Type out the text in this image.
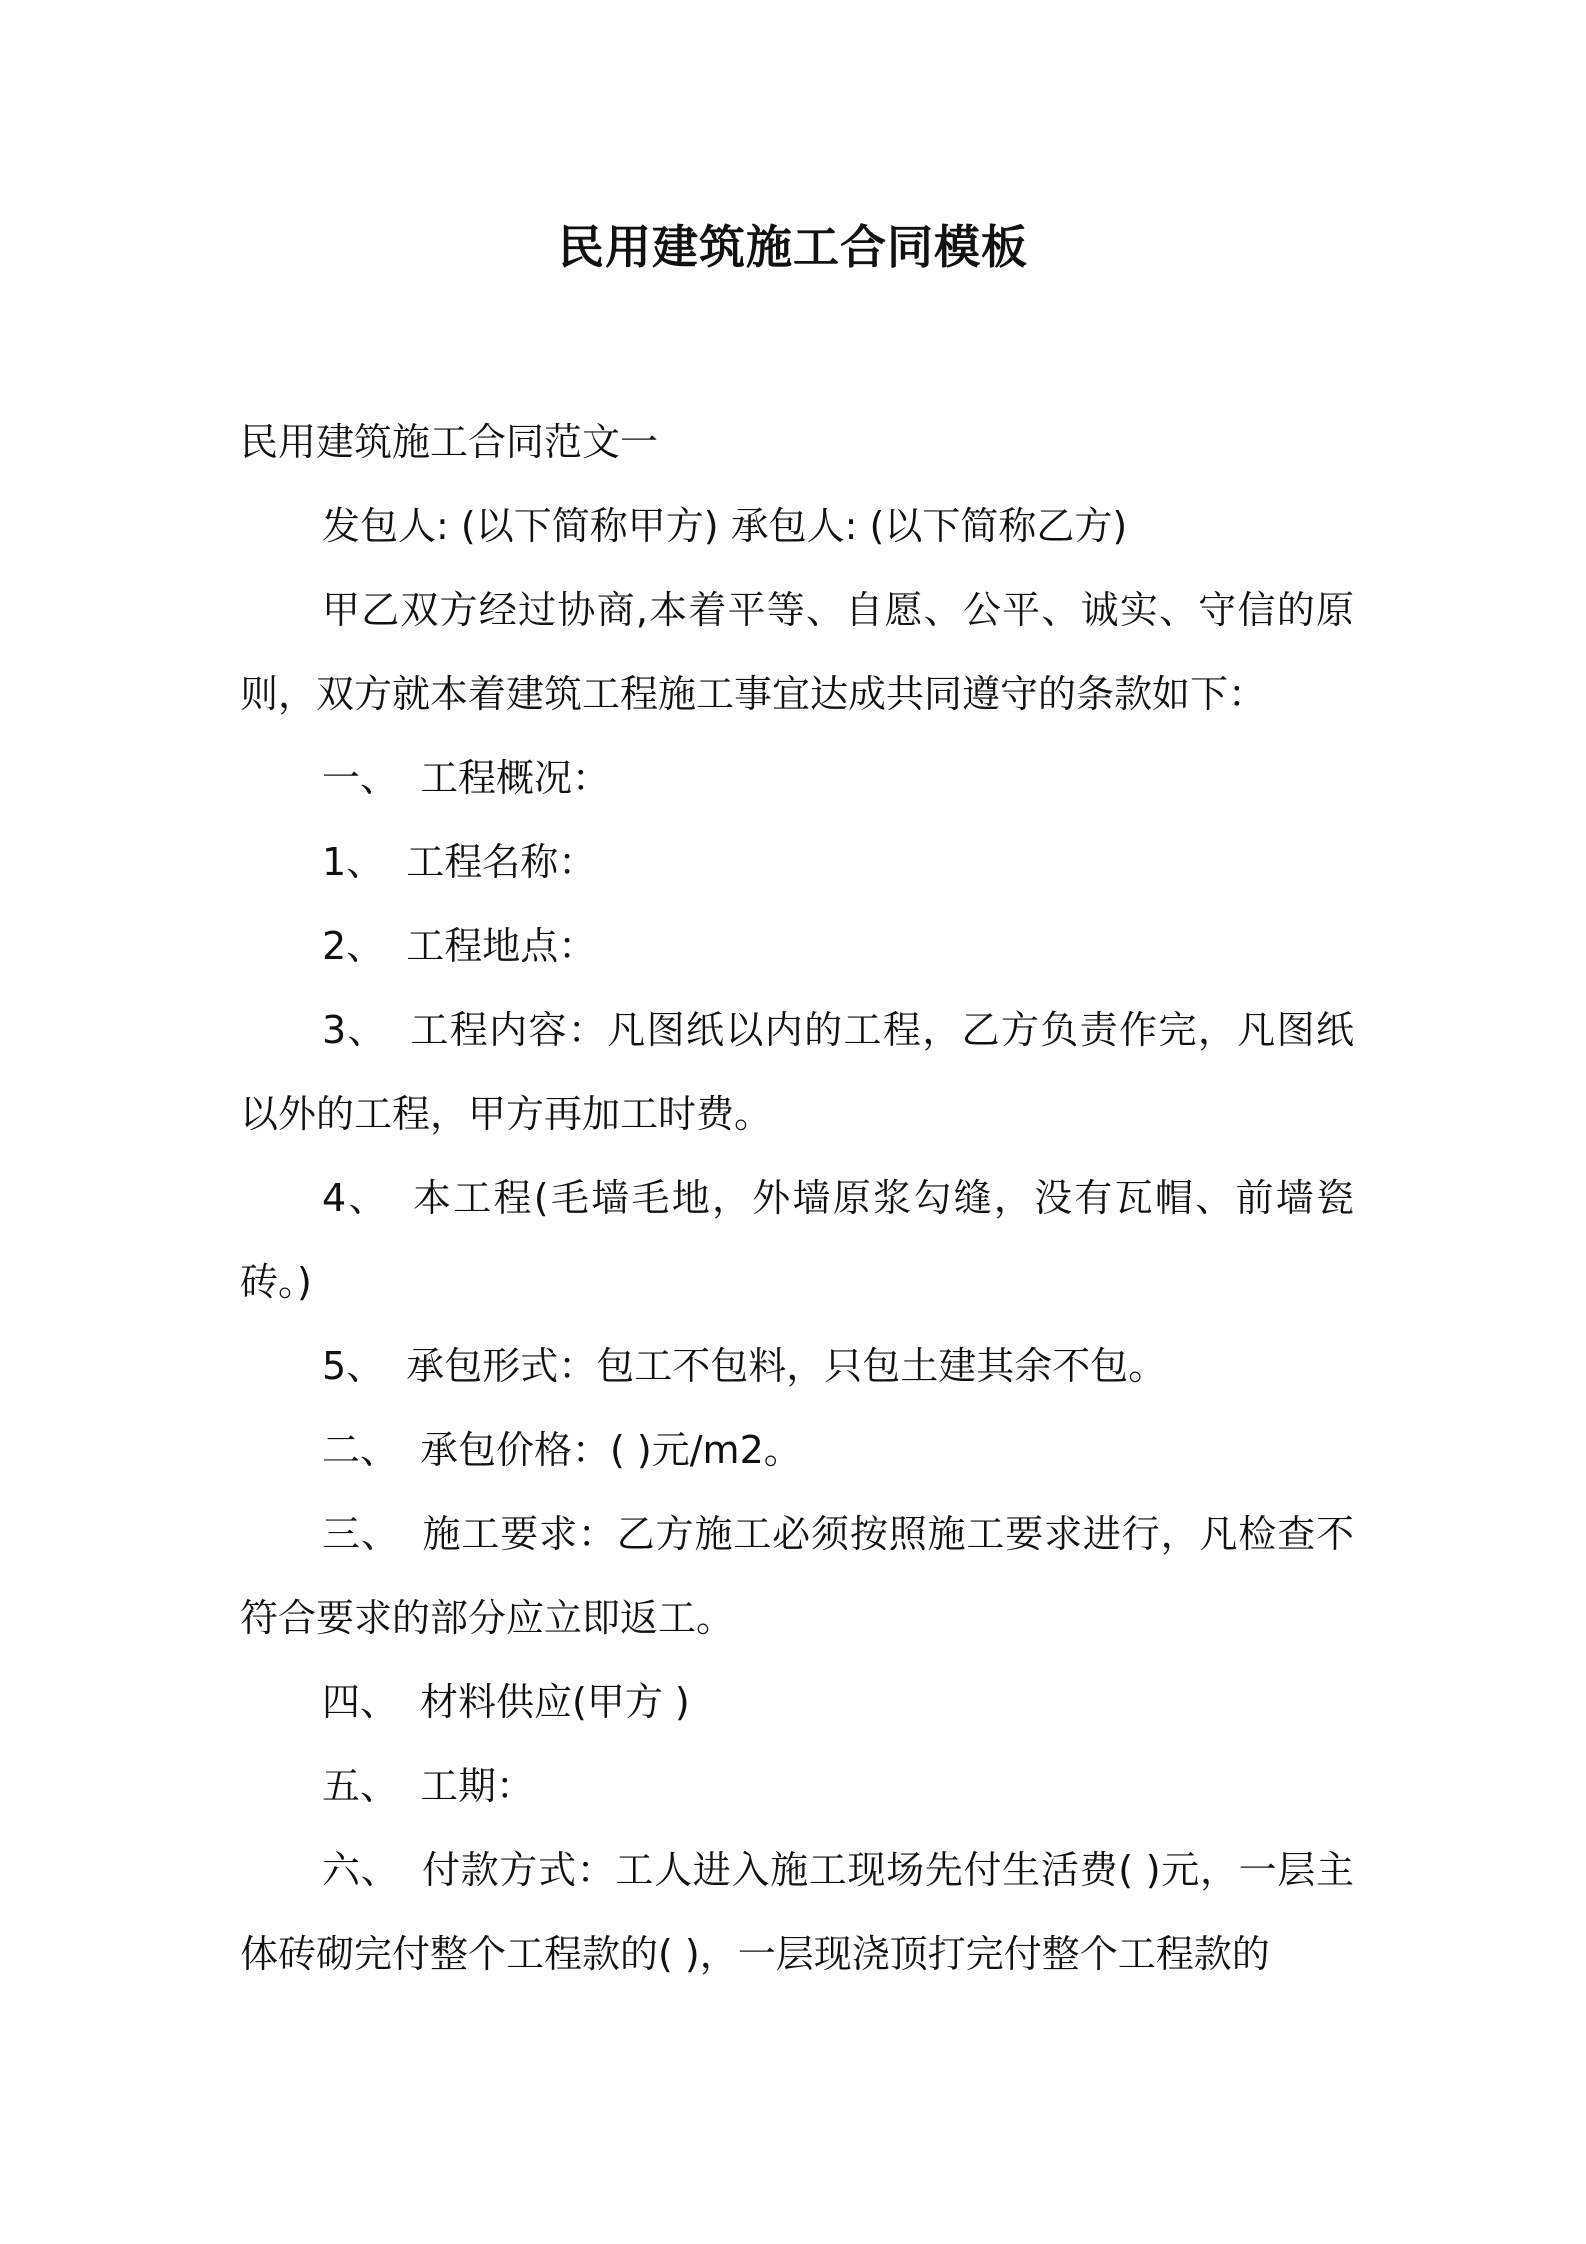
民用建筑施工合同模板

民用建筑施工合同范文一

发包人: (以下简称甲方) 承包人: (以下简称乙方)

甲乙双方经过协商,本着平等、自愿、公平、诚实、守信的原则，双方就本着建筑工程施工事宜达成共同遵守的条款如下：

一、 工程概况：

1、 工程名称：

2、 工程地点：

3、 工程内容：凡图纸以内的工程，乙方负责作完，凡图纸以外的工程，甲方再加工时费。

4、 本工程(毛墙毛地，外墙原浆勾缝，没有瓦帽、前墙瓷砖。)

5、 承包形式：包工不包料，只包土建其余不包。

二、 承包价格：( )元/m2。

三、 施工要求：乙方施工必须按照施工要求进行，凡检查不符合要求的部分应立即返工。

四、 材料供应(甲方 )

五、 工期：

六、 付款方式：工人进入施工现场先付生活费( )元，一层主体砖砌完付整个工程款的( )，一层现浇顶打完付整个工程款的
